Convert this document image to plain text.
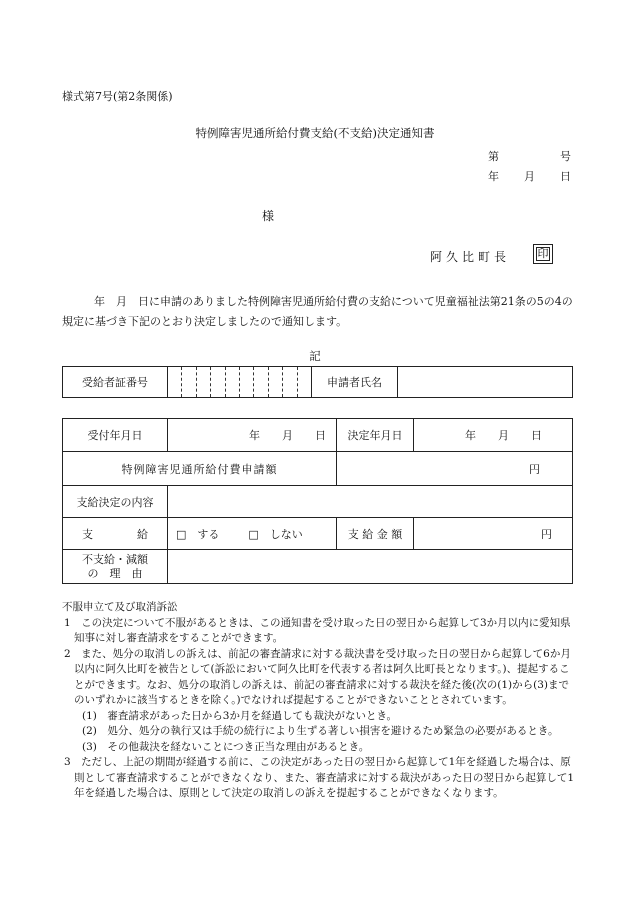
様式第7号(第2条関係)
特例障害児通所給付費支給(不支給)決定通知書
第	号
年 月 日
様
阿久比町長 印
年　月　日に申請のありました特例障害児通所給付費の支給について児童福祉法第21条の5の4の規定に基づき下記のとおり決定しましたので通知します。
記
受給者証番号		申請者氏名	
受付年月日	年　　月　　日	決定年月日	年　　月　　日
特例障害児通所給付費申請額		円	
支給決定の内容			
支　　　　給	□　する □　しない	支 給 金 額	円

不支給・減額
の　理　由			

不服申立て及び取消訴訟

1　この決定について不服があるときは、この通知書を受け取った日の翌日から起算して3か月以内に愛知県知事に対し審査請求をすることができます。

2　また、処分の取消しの訴えは、前記の審査請求に対する裁決書を受け取った日の翌日から起算して6か月以内に阿久比町を被告として(訴訟において阿久比町を代表する者は阿久比町長となります。)、提起することができます。なお、処分の取消しの訴えは、前記の審査請求に対する裁決を経た後(次の(1)から(3)までのいずれかに該当するときを除く。)でなければ提起することができないこととされています。

(1)　審査請求があった日から3か月を経過しても裁決がないとき。

(2)　処分、処分の執行又は手続の続行により生ずる著しい損害を避けるため緊急の必要があるとき。

(3)　その他裁決を経ないことにつき正当な理由があるとき。

3　ただし、上記の期間が経過する前に、この決定があった日の翌日から起算して1年を経過した場合は、原則として審査請求することができなくなり、また、審査請求に対する裁決があった日の翌日から起算して1年を経過した場合は、原則として決定の取消しの訴えを提起することができなくなります。
